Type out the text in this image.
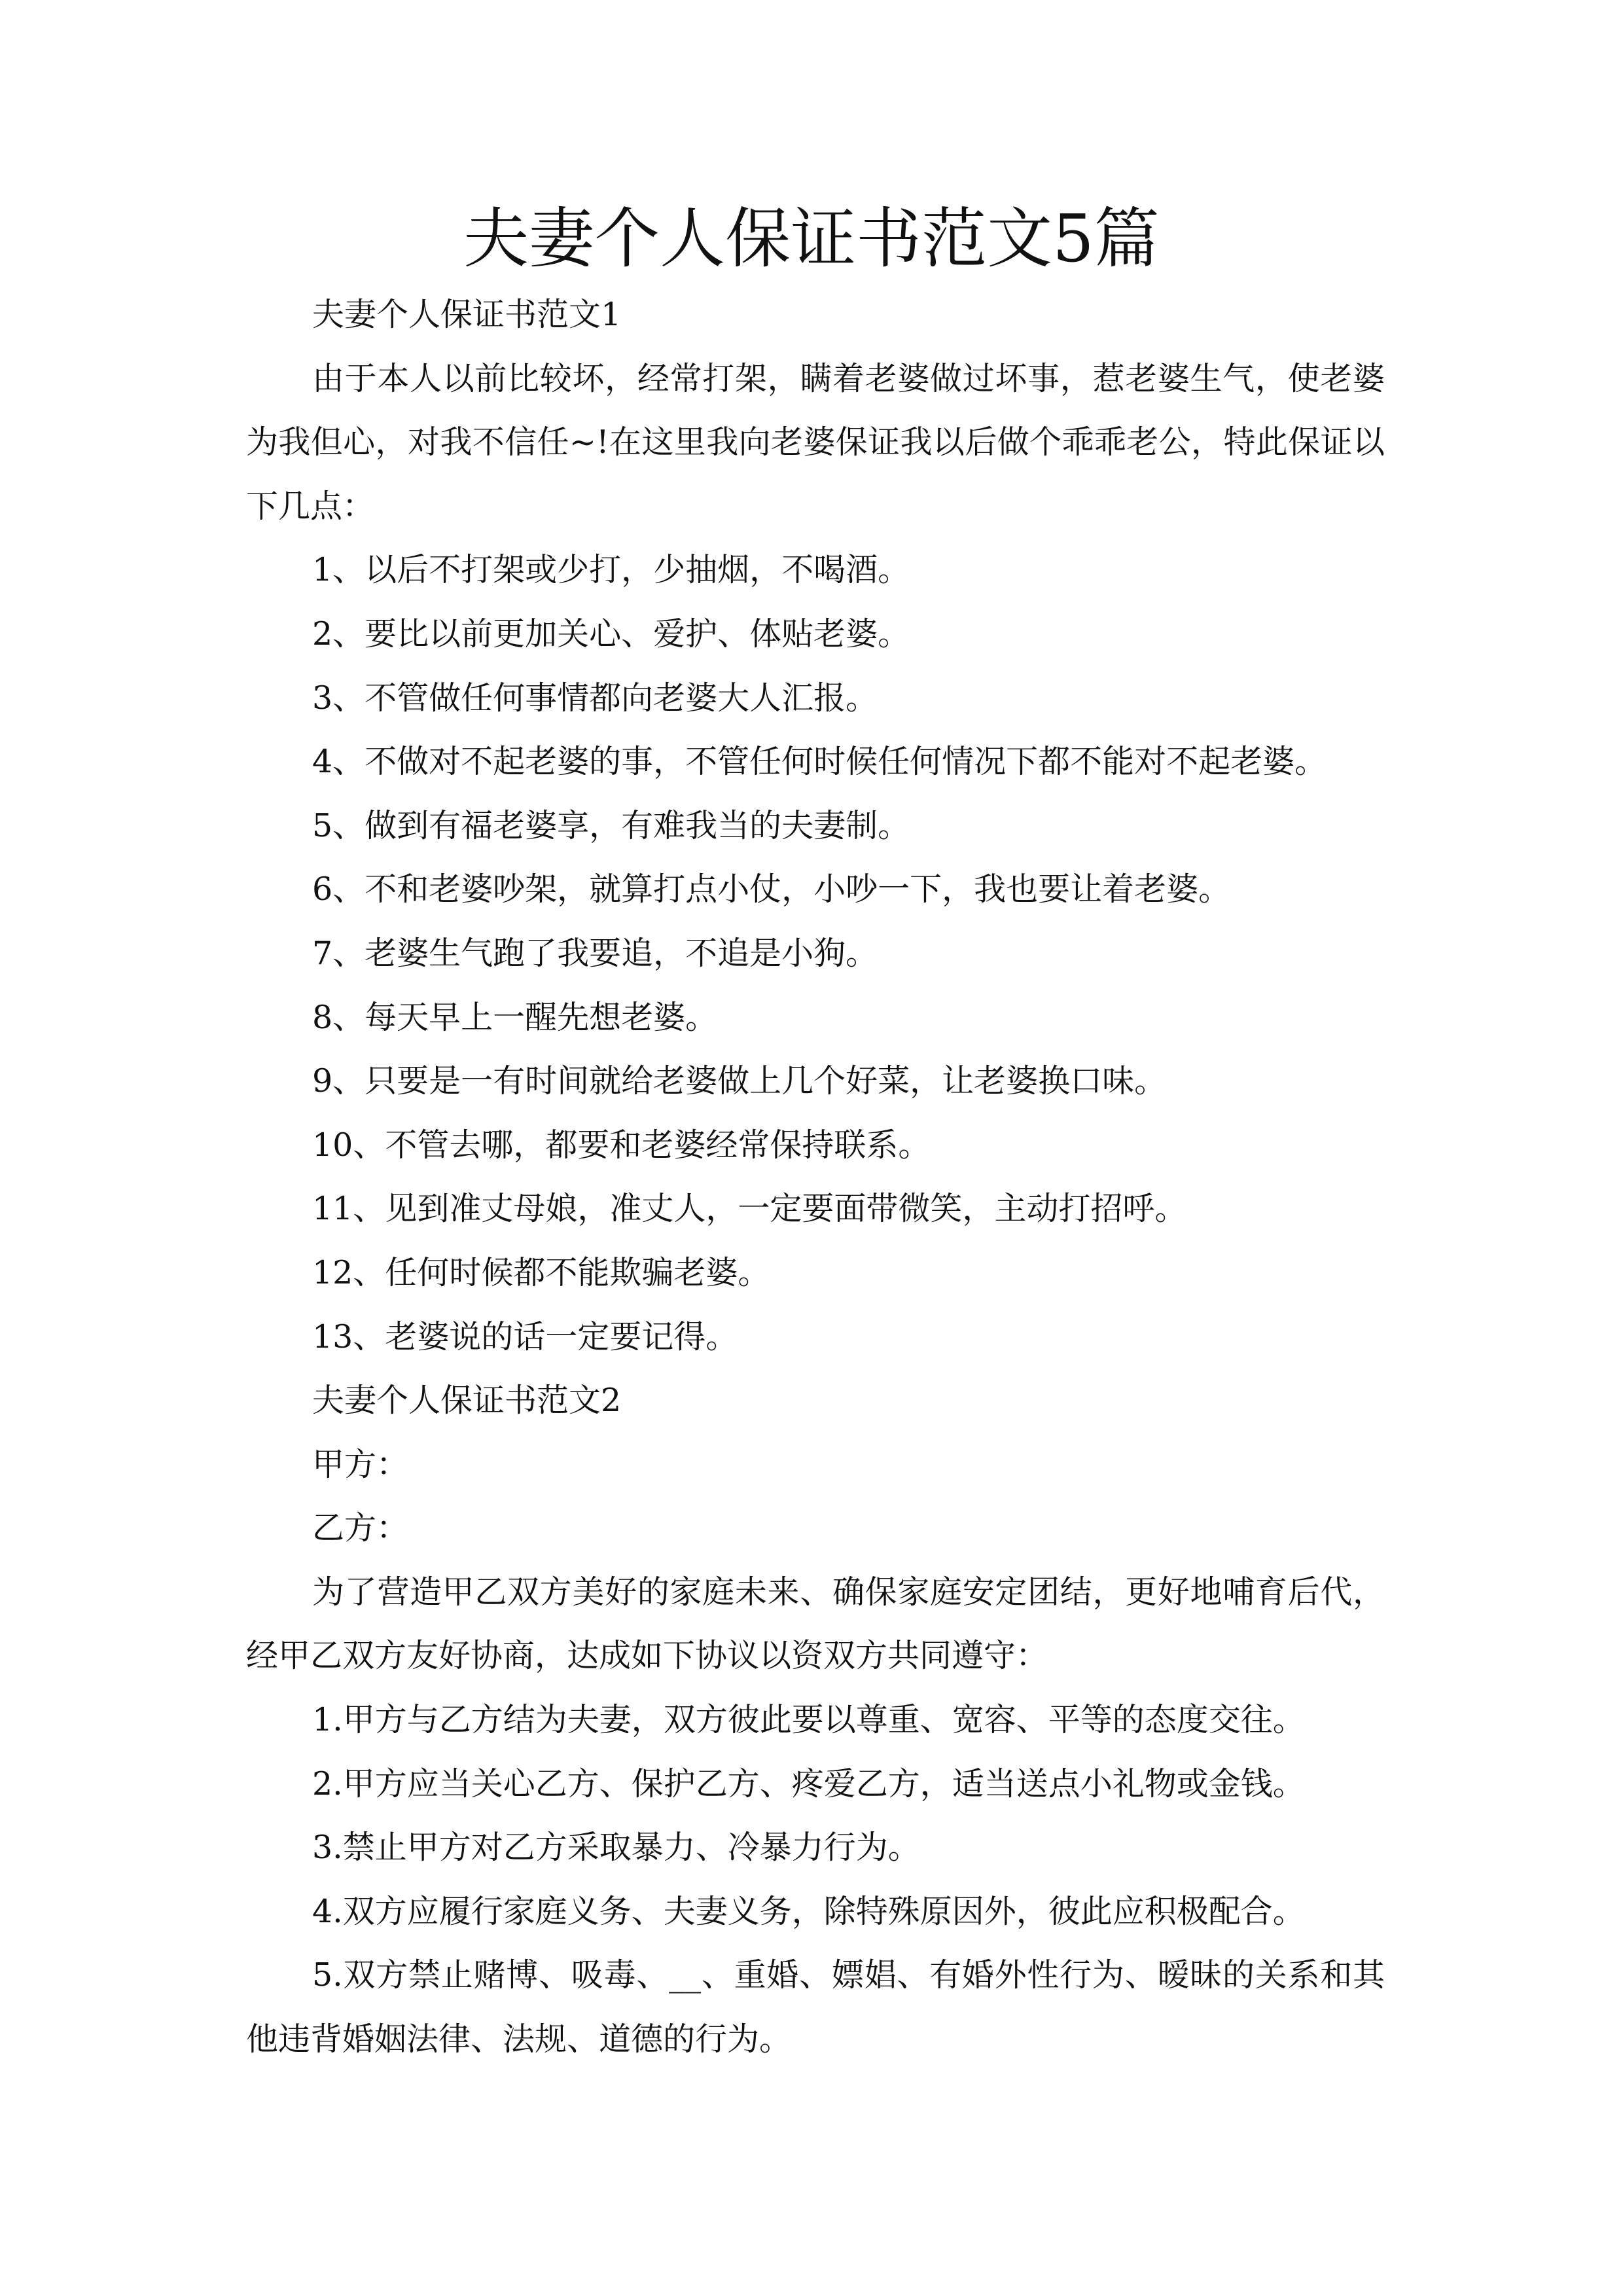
夫妻个人保证书范文5篇
夫妻个人保证书范文1
由于本人以前比较坏，经常打架，瞒着老婆做过坏事，惹老婆生气，使老婆
为我但心，对我不信任~!在这里我向老婆保证我以后做个乖乖老公，特此保证以
下几点：
1、以后不打架或少打，少抽烟，不喝酒。
2、要比以前更加关心、爱护、体贴老婆。
3、不管做任何事情都向老婆大人汇报。
4、不做对不起老婆的事，不管任何时候任何情况下都不能对不起老婆。
5、做到有福老婆享，有难我当的夫妻制。
6、不和老婆吵架，就算打点小仗，小吵一下，我也要让着老婆。
7、老婆生气跑了我要追，不追是小狗。
8、每天早上一醒先想老婆。
9、只要是一有时间就给老婆做上几个好菜，让老婆换口味。
10、不管去哪，都要和老婆经常保持联系。
11、见到准丈母娘，准丈人，一定要面带微笑，主动打招呼。
12、任何时候都不能欺骗老婆。
13、老婆说的话一定要记得。
夫妻个人保证书范文2
甲方：
乙方：
为了营造甲乙双方美好的家庭未来、确保家庭安定团结，更好地哺育后代，
经甲乙双方友好协商，达成如下协议以资双方共同遵守：
1.甲方与乙方结为夫妻，双方彼此要以尊重、宽容、平等的态度交往。
2.甲方应当关心乙方、保护乙方、疼爱乙方，适当送点小礼物或金钱。
3.禁止甲方对乙方采取暴力、冷暴力行为。
4.双方应履行家庭义务、夫妻义务，除特殊原因外，彼此应积极配合。
5.双方禁止赌博、吸毒、__、重婚、嫖娼、有婚外性行为、暧昧的关系和其
他违背婚姻法律、法规、道德的行为。
